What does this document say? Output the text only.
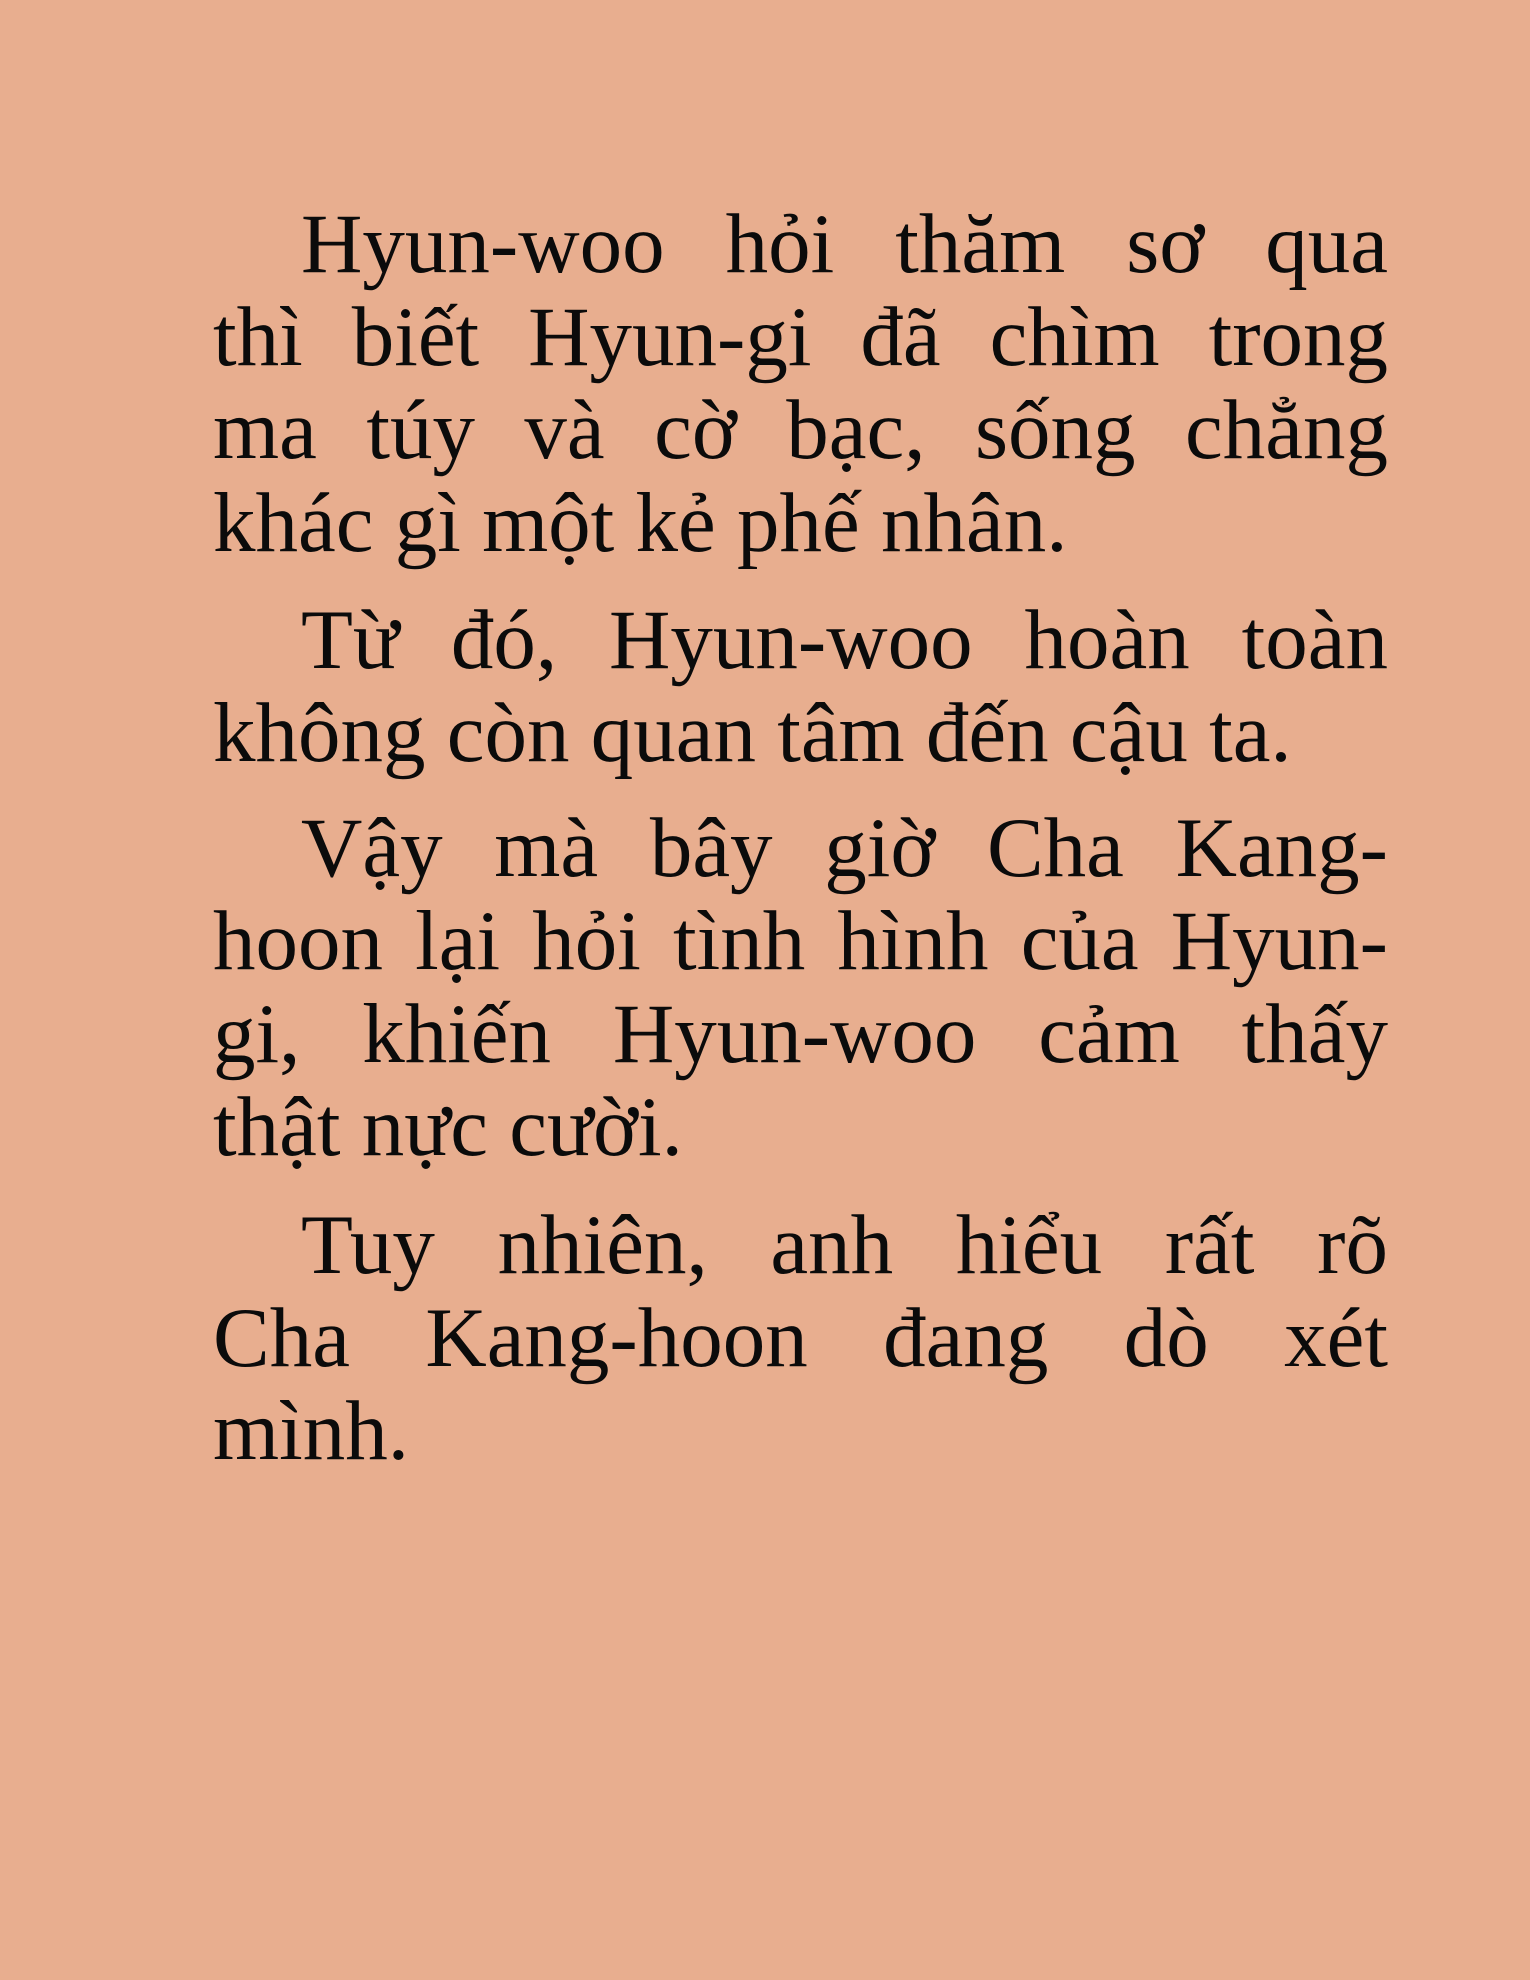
Hyun-woo hỏi thăm sơ qua
thì biết Hyun-gi đã chìm trong
ma túy và cờ bạc, sống chẳng
khác gì một kẻ phế nhân.
Từ đó, Hyun-woo hoàn toàn
không còn quan tâm đến cậu ta.
Vậy mà bây giờ Cha Kang-
hoon lại hỏi tình hình của Hyun-
gi, khiến Hyun-woo cảm thấy
thật nực cười.
Tuy nhiên, anh hiểu rất rõ
Cha Kang-hoon đang dò xét
mình.
